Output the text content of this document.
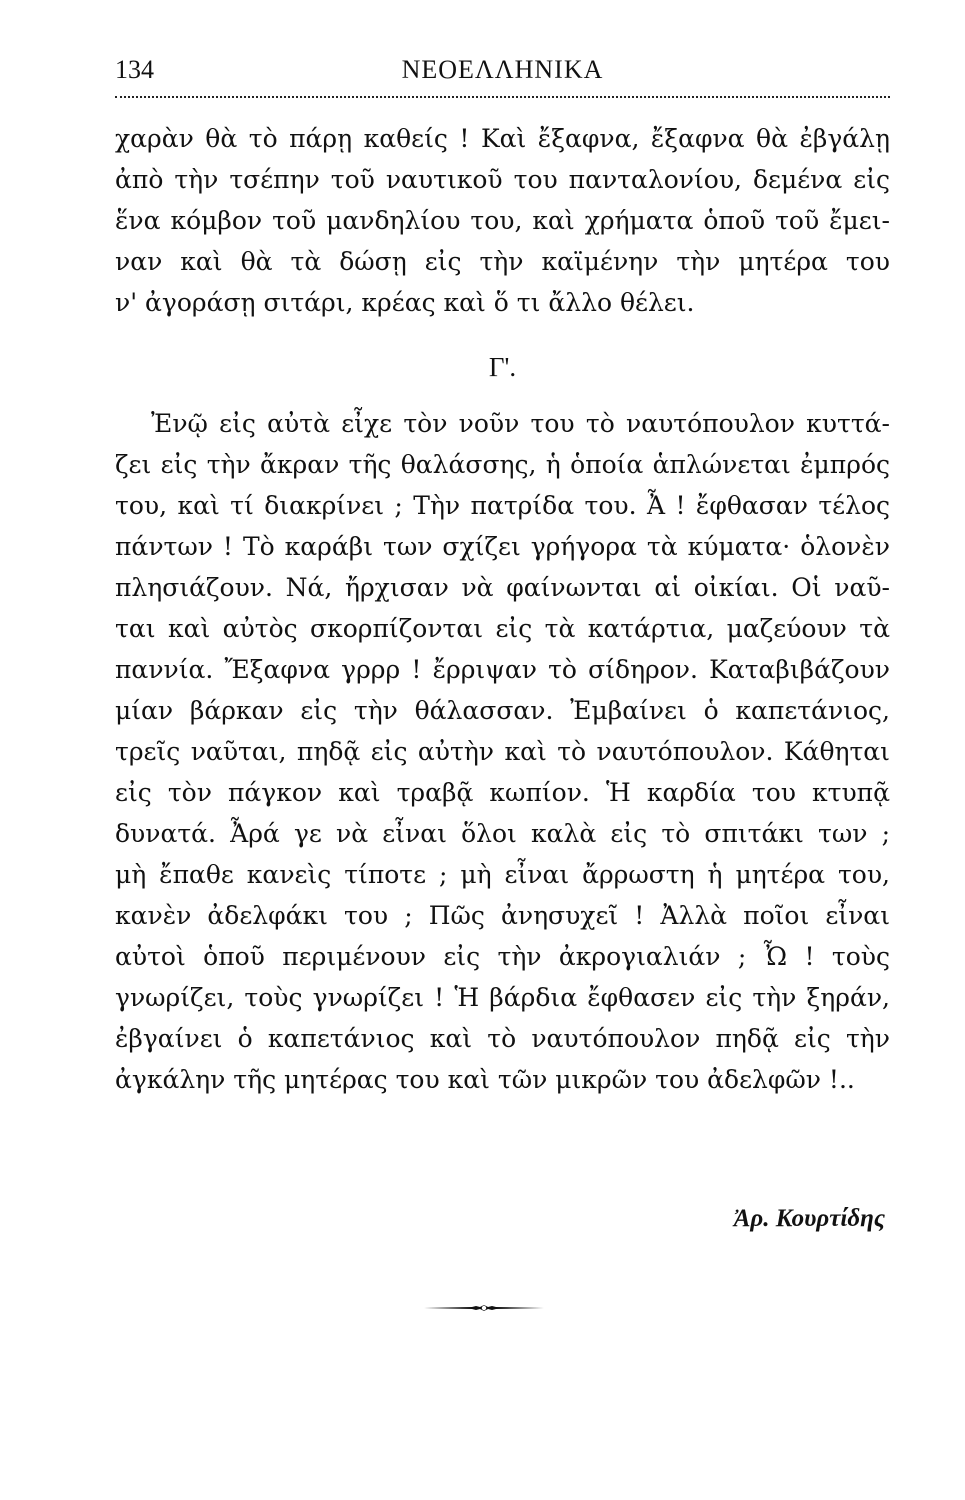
134	ΝΕΟΕΛΛΗΝΙΚΑ
χαρὰν θὰ τὸ πάρῃ καθείς ! Καὶ ἔξαφνα, ἔξαφνα θὰ ἐβγάλῃ
ἀπὸ τὴν τσέπην τοῦ ναυτικοῦ του πανταλονίου, δεμένα εἰς
ἕνα κόμβον τοῦ μανδηλίου του, καὶ χρήματα ὁποῦ τοῦ ἔμει-
ναν καὶ θὰ τὰ δώσῃ εἰς τὴν καϊμένην τὴν μητέρα του
ν' ἀγοράσῃ σιτάρι, κρέας καὶ ὅ τι ἄλλο θέλει.
Γ'.
Ἐνῷ εἰς αὐτὰ εἶχε τὸν νοῦν του τὸ ναυτόπουλον κυττά-
ζει εἰς τὴν ἄκραν τῆς θαλάσσης, ἡ ὁποία ἁπλώνεται ἐμπρός
του, καὶ τί διακρίνει ; Τὴν πατρίδα του. Ἆ ! ἔφθασαν τέλος
πάντων ! Τὸ καράβι των σχίζει γρήγορα τὰ κύματα· ὁλονὲν
πλησιάζουν. Νά, ἤρχισαν νὰ φαίνωνται αἱ οἰκίαι. Οἱ ναῦ-
ται καὶ αὐτὸς σκορπίζονται εἰς τὰ κατάρτια, μαζεύουν τὰ
παννία. Ἔξαφνα γρρρ ! ἔρριψαν τὸ σίδηρον. Καταβιβάζουν
μίαν βάρκαν εἰς τὴν θάλασσαν. Ἐμβαίνει ὁ καπετάνιος,
τρεῖς ναῦται, πηδᾷ εἰς αὐτὴν καὶ τὸ ναυτόπουλον. Κάθηται
εἰς τὸν πάγκον καὶ τραβᾷ κωπίον. Ἡ καρδία του κτυπᾷ
δυνατά. Ἆρά γε νὰ εἶναι ὅλοι καλὰ εἰς τὸ σπιτάκι των ;
μὴ ἔπαθε κανεὶς τίποτε ; μὴ εἶναι ἄρρωστη ἡ μητέρα του,
κανὲν ἀδελφάκι του ; Πῶς ἀνησυχεῖ ! Ἀλλὰ ποῖοι εἶναι
αὐτοὶ ὁποῦ περιμένουν εἰς τὴν ἀκρογιαλιάν ; Ὦ ! τοὺς
γνωρίζει, τοὺς γνωρίζει ! Ἡ βάρδια ἔφθασεν εἰς τὴν ξηράν,
ἐβγαίνει ὁ καπετάνιος καὶ τὸ ναυτόπουλον πηδᾷ εἰς τὴν
ἀγκάλην τῆς μητέρας του καὶ τῶν μικρῶν του ἀδελφῶν !..
Ἀρ. Κουρτίδης
